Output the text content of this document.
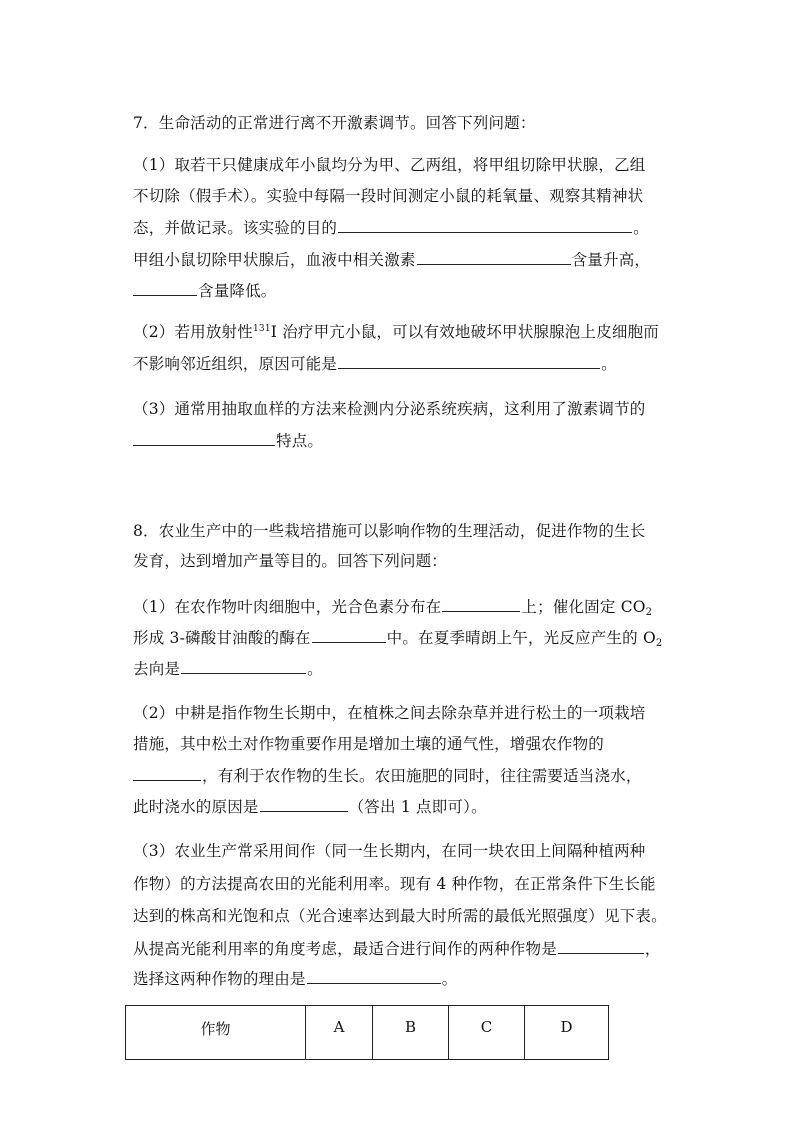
7．生命活动的正常进行离不开激素调节。回答下列问题：
（1）取若干只健康成年小鼠均分为甲、乙两组，将甲组切除甲状腺，乙组
不切除（假手术）。实验中每隔一段时间测定小鼠的耗氧量、观察其精神状
态，并做记录。该实验的目的	。
甲组小鼠切除甲状腺后，血液中相关激素	含量升高，
含量降低。
（2）若用放射性$^{131}$I 治疗甲亢小鼠，可以有效地破坏甲状腺腺泡上皮细胞而
不影响邻近组织，原因可能是	。
（3）通常用抽取血样的方法来检测内分泌系统疾病，这利用了激素调节的
特点。
8．农业生产中的一些栽培措施可以影响作物的生理活动，促进作物的生长
发育，达到增加产量等目的。回答下列问题：
（1）在农作物叶肉细胞中，光合色素分布在	上；催化固定 $CO_2$
形成 3-磷酸甘油酸的酶在	中。在夏季晴朗上午，光反应产生的 $O_2$
去向是	。
（2）中耕是指作物生长期中，在植株之间去除杂草并进行松土的一项栽培
措施，其中松土对作物重要作用是增加土壤的通气性，增强农作物的
，有利于农作物的生长。农田施肥的同时，往往需要适当浇水，
此时浇水的原因是	（答出 1 点即可）。
（3）农业生产常采用间作（同一生长期内，在同一块农田上间隔种植两种
作物）的方法提高农田的光能利用率。现有 4 种作物，在正常条件下生长能
达到的株高和光饱和点（光合速率达到最大时所需的最低光照强度）见下表。
从提高光能利用率的角度考虑，最适合进行间作的两种作物是	，
选择这两种作物的理由是	。
作物	A	B	C	D
